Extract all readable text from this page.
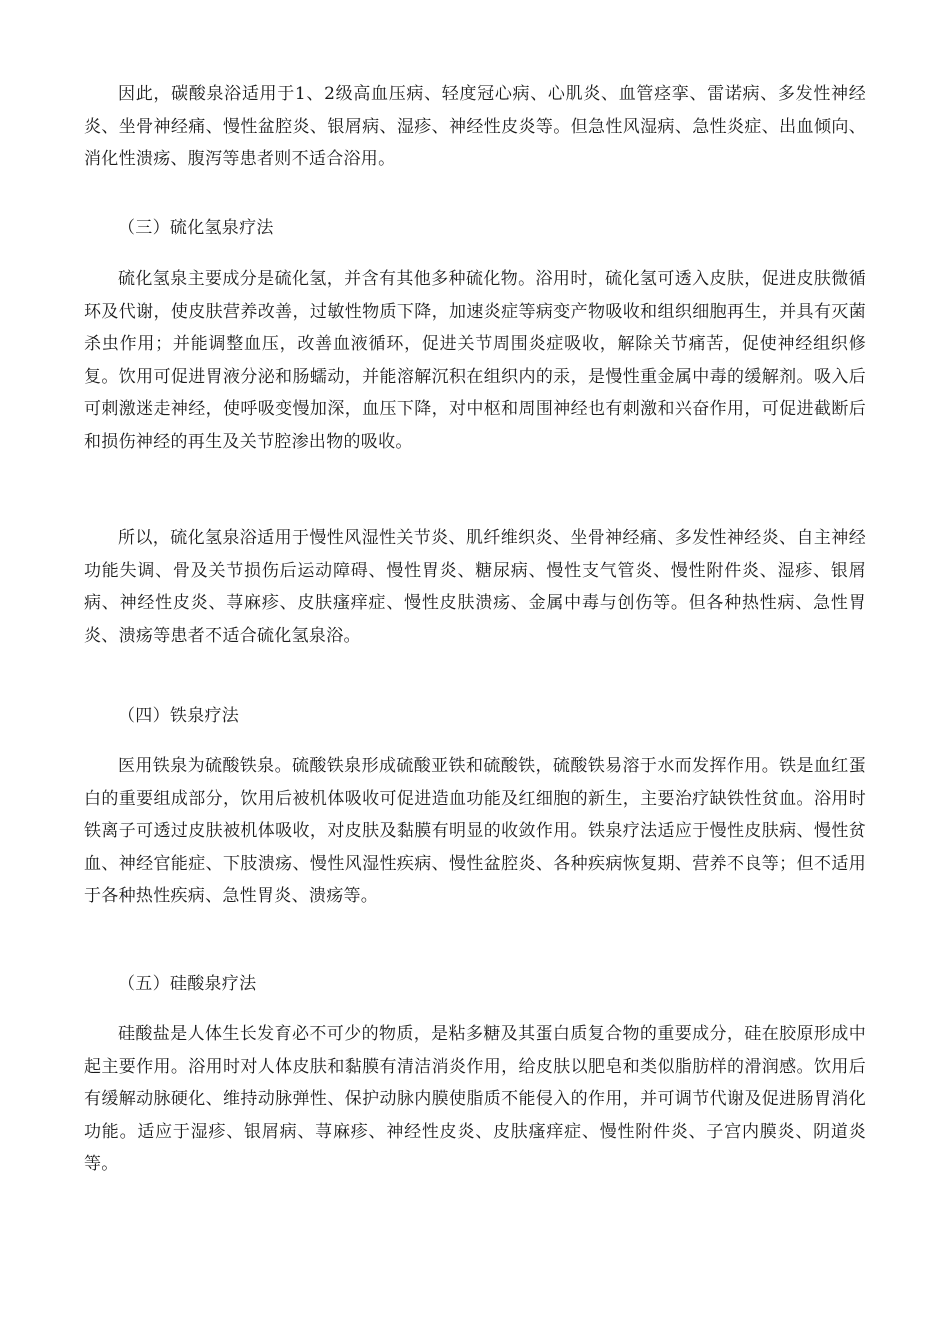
因此，碳酸泉浴适用于1、2级高血压病、轻度冠心病、心肌炎、血管痉挛、雷诺病、多发性神经炎、坐骨神经痛、慢性盆腔炎、银屑病、湿疹、神经性皮炎等。但急性风湿病、急性炎症、出血倾向、消化性溃疡、腹泻等患者则不适合浴用。

（三）硫化氢泉疗法

硫化氢泉主要成分是硫化氢，并含有其他多种硫化物。浴用时，硫化氢可透入皮肤，促进皮肤微循环及代谢，使皮肤营养改善，过敏性物质下降，加速炎症等病变产物吸收和组织细胞再生，并具有灭菌杀虫作用；并能调整血压，改善血液循环，促进关节周围炎症吸收，解除关节痛苦，促使神经组织修复。饮用可促进胃液分泌和肠蠕动，并能溶解沉积在组织内的汞，是慢性重金属中毒的缓解剂。吸入后可刺激迷走神经，使呼吸变慢加深，血压下降，对中枢和周围神经也有刺激和兴奋作用，可促进截断后和损伤神经的再生及关节腔渗出物的吸收。

所以，硫化氢泉浴适用于慢性风湿性关节炎、肌纤维织炎、坐骨神经痛、多发性神经炎、自主神经功能失调、骨及关节损伤后运动障碍、慢性胃炎、糖尿病、慢性支气管炎、慢性附件炎、湿疹、银屑病、神经性皮炎、荨麻疹、皮肤瘙痒症、慢性皮肤溃疡、金属中毒与创伤等。但各种热性病、急性胃炎、溃疡等患者不适合硫化氢泉浴。

（四）铁泉疗法

医用铁泉为硫酸铁泉。硫酸铁泉形成硫酸亚铁和硫酸铁，硫酸铁易溶于水而发挥作用。铁是血红蛋白的重要组成部分，饮用后被机体吸收可促进造血功能及红细胞的新生，主要治疗缺铁性贫血。浴用时铁离子可透过皮肤被机体吸收，对皮肤及黏膜有明显的收敛作用。铁泉疗法适应于慢性皮肤病、慢性贫血、神经官能症、下肢溃疡、慢性风湿性疾病、慢性盆腔炎、各种疾病恢复期、营养不良等；但不适用于各种热性疾病、急性胃炎、溃疡等。

（五）硅酸泉疗法

硅酸盐是人体生长发育必不可少的物质，是粘多糖及其蛋白质复合物的重要成分，硅在胶原形成中起主要作用。浴用时对人体皮肤和黏膜有清洁消炎作用，给皮肤以肥皂和类似脂肪样的滑润感。饮用后有缓解动脉硬化、维持动脉弹性、保护动脉内膜使脂质不能侵入的作用，并可调节代谢及促进肠胃消化功能。适应于湿疹、银屑病、荨麻疹、神经性皮炎、皮肤瘙痒症、慢性附件炎、子宫内膜炎、阴道炎等。
